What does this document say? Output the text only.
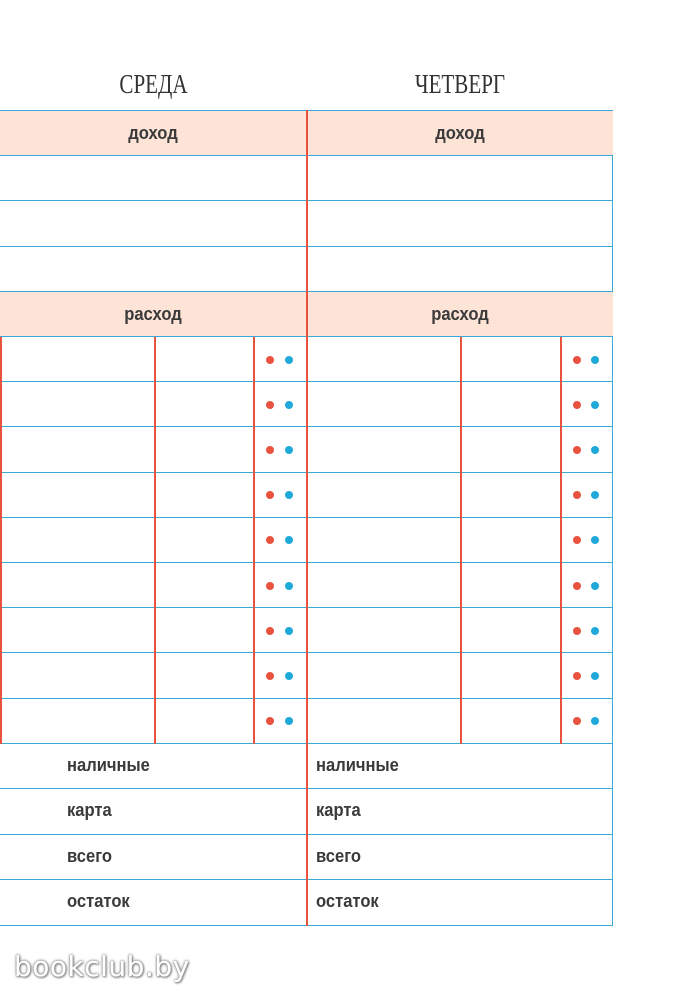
СРЕДА	ЧЕТВЕРГ
доход	доход
расход	расход
наличные	наличные
карта	карта
всего	всего
остаток	остаток
bookclub.by
